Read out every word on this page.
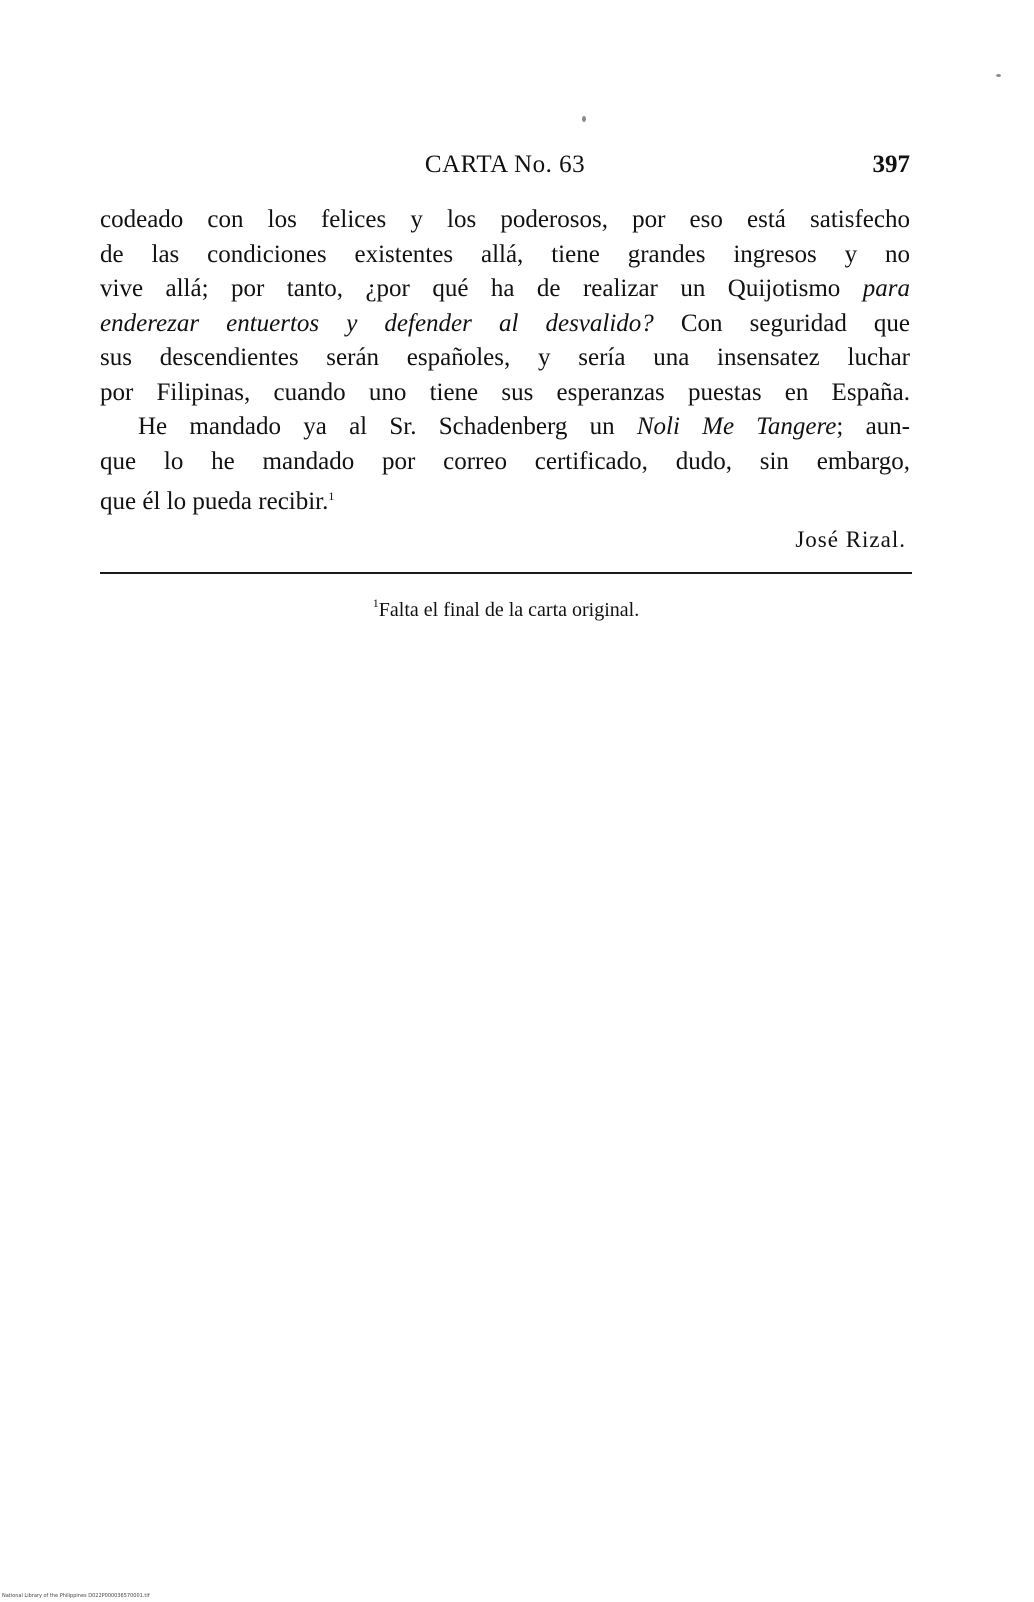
CARTA No. 63	397
codeado con los felices y los poderosos, por eso está satisfecho
de las condiciones existentes allá, tiene grandes ingresos y no
vive allá; por tanto, ¿por qué ha de realizar un Quijotismo para
enderezar entuertos y defender al desvalido? Con seguridad que
sus descendientes serán españoles, y sería una insensatez luchar
por Filipinas, cuando uno tiene sus esperanzas puestas en España.
He mandado ya al Sr. Schadenberg un Noli Me Tangere; aun-
que lo he mandado por correo certificado, dudo, sin embargo,
que él lo pueda recibir.$^1$
José Rizal.
$^1$Falta el final de la carta original.
National Library of the Philippines D022P000036570001.tif
